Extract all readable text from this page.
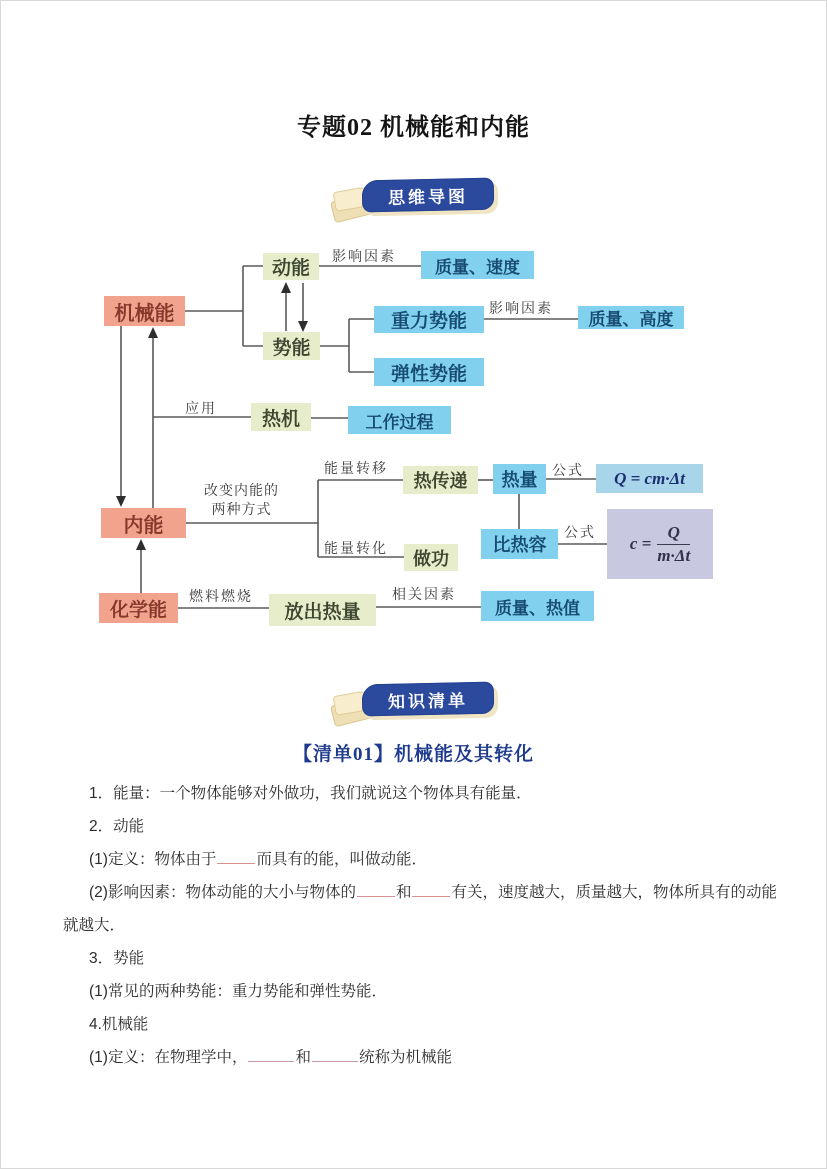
专题02 机械能和内能
思维导图
机械能
动能
势能
质量、速度
重力势能
弹性势能
质量、高度
热机	工作过程
内能
热传递	热量	Q = cm·Δt
做功
比热容	$c = \frac{Q}{m\cdot\Delta t}$
化学能	放出热量	质量、热值
影响因素
影响因素
应用
改变内能的
两种方式
能量转移
能量转化
公式
公式
燃料燃烧	相关因素
知识清单
【清单01】机械能及其转化

1．能量：一个物体能够对外做功，我们就说这个物体具有能量．

2．动能

(1)定义：物体由于	而具有的能，叫做动能．

(2)影响因素：物体动能的大小与物体的	和	有关，速度越大，质量越大，物体所具有的动能

就越大．

3．势能

(1)常见的两种势能：重力势能和弹性势能．

4.机械能

(1)定义：在物理学中，	和	统称为机械能
